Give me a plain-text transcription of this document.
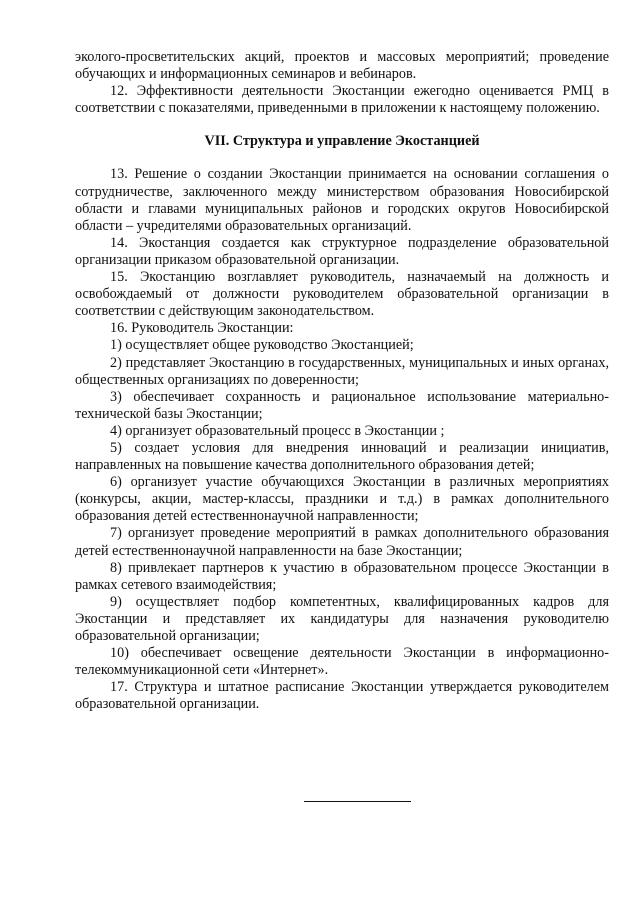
эколого-просветительских акций, проектов и массовых мероприятий; проведение обучающих и информационных семинаров и вебинаров.

12. Эффективности деятельности Экостанции ежегодно оценивается РМЦ в соответствии с показателями, приведенными в приложении к настоящему положению.

VII. Структура и управление Экостанцией

13. Решение о создании Экостанции принимается на основании соглашения о сотрудничестве, заключенного между министерством образования Новосибирской области и главами муниципальных районов и городских округов Новосибирской области – учредителями образовательных организаций.

14. Экостанция создается как структурное подразделение образовательной организации приказом образовательной организации.

15. Экостанцию возглавляет руководитель, назначаемый на должность и освобождаемый от должности руководителем образовательной организации в соответствии с действующим законодательством.

16. Руководитель Экостанции:

1) осуществляет общее руководство Экостанцией;

2) представляет Экостанцию в государственных, муниципальных и иных органах, общественных организациях по доверенности;

3) обеспечивает сохранность и рациональное использование материально-технической базы Экостанции;

4) организует образовательный процесс в Экостанции ;

5) создает условия для внедрения инноваций и реализации инициатив, направленных на повышение качества дополнительного образования детей;

6) организует участие обучающихся Экостанции в различных мероприятиях (конкурсы, акции, мастер-классы, праздники и т.д.) в рамках дополнительного образования детей естественнонаучной направленности;

7) организует проведение мероприятий в рамках дополнительного образования детей естественнонаучной направленности на базе Экостанции;

8) привлекает партнеров к участию в образовательном процессе Экостанции в рамках сетевого взаимодействия;

9) осуществляет подбор компетентных, квалифицированных кадров для Экостанции и представляет их кандидатуры для назначения руководителю образовательной организации;

10) обеспечивает освещение деятельности Экостанции в информационно-телекоммуникационной сети «Интернет».

17. Структура и штатное расписание Экостанции утверждается руководителем образовательной организации.
